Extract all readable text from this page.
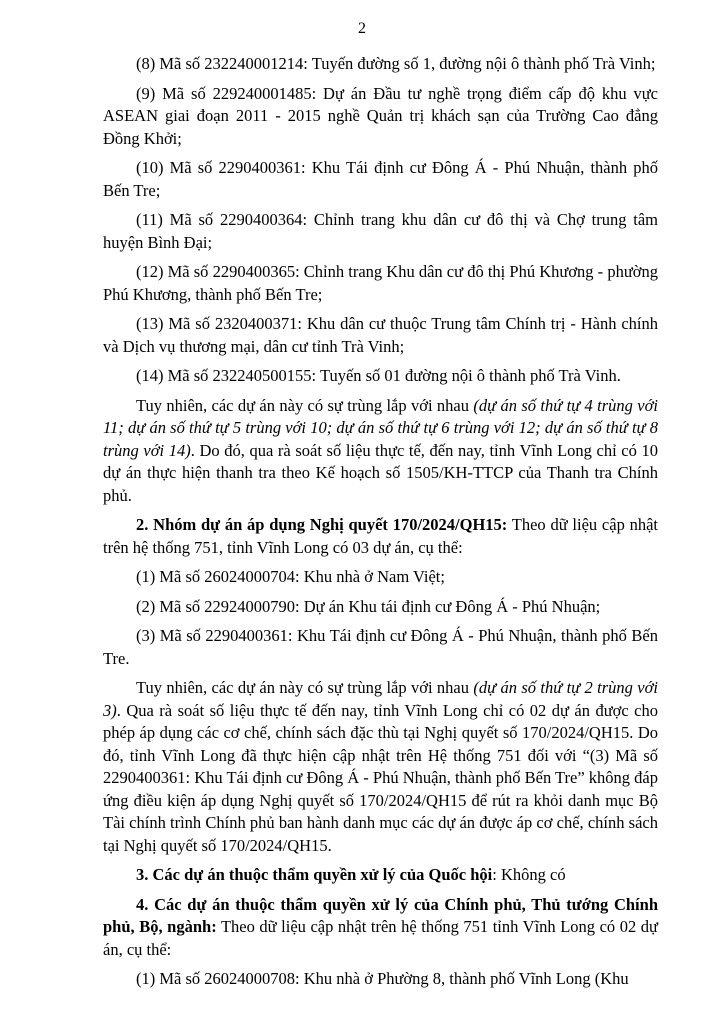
2

(8) Mã số 232240001214: Tuyến đường số 1, đường nội ô thành phố Trà Vinh;

(9) Mã số 229240001485: Dự án Đầu tư nghề trọng điểm cấp độ khu vực ASEAN giai đoạn 2011 - 2015 nghề Quản trị khách sạn của Trường Cao đẳng Đồng Khởi;

(10) Mã số 2290400361: Khu Tái định cư Đông Á - Phú Nhuận, thành phố Bến Tre;

(11) Mã số 2290400364: Chỉnh trang khu dân cư đô thị và Chợ trung tâm huyện Bình Đại;

(12) Mã số 2290400365: Chỉnh trang Khu dân cư đô thị Phú Khương - phường Phú Khương, thành phố Bến Tre;

(13) Mã số 2320400371: Khu dân cư thuộc Trung tâm Chính trị - Hành chính và Dịch vụ thương mại, dân cư tỉnh Trà Vinh;

(14) Mã số 232240500155: Tuyến số 01 đường nội ô thành phố Trà Vinh.

Tuy nhiên, các dự án này có sự trùng lắp với nhau (dự án số thứ tự 4 trùng với 11; dự án số thứ tự 5 trùng với 10; dự án số thứ tự 6 trùng với 12; dự án số thứ tự 8 trùng với 14). Do đó, qua rà soát số liệu thực tế, đến nay, tỉnh Vĩnh Long chỉ có 10 dự án thực hiện thanh tra theo Kế hoạch số 1505/KH-TTCP của Thanh tra Chính phủ.

2. Nhóm dự án áp dụng Nghị quyết 170/2024/QH15: Theo dữ liệu cập nhật trên hệ thống 751, tỉnh Vĩnh Long có 03 dự án, cụ thể:

(1) Mã số 26024000704: Khu nhà ở Nam Việt;

(2) Mã số 22924000790: Dự án Khu tái định cư Đông Á - Phú Nhuận;

(3) Mã số 2290400361: Khu Tái định cư Đông Á - Phú Nhuận, thành phố Bến Tre.

Tuy nhiên, các dự án này có sự trùng lắp với nhau (dự án số thứ tự 2 trùng với 3). Qua rà soát số liệu thực tế đến nay, tỉnh Vĩnh Long chỉ có 02 dự án được cho phép áp dụng các cơ chế, chính sách đặc thù tại Nghị quyết số 170/2024/QH15. Do đó, tỉnh Vĩnh Long đã thực hiện cập nhật trên Hệ thống 751 đối với “(3) Mã số 2290400361: Khu Tái định cư Đông Á - Phú Nhuận, thành phố Bến Tre” không đáp ứng điều kiện áp dụng Nghị quyết số 170/2024/QH15 để rút ra khỏi danh mục Bộ Tài chính trình Chính phủ ban hành danh mục các dự án được áp cơ chế, chính sách tại Nghị quyết số 170/2024/QH15.

3. Các dự án thuộc thẩm quyền xử lý của Quốc hội: Không có

4. Các dự án thuộc thẩm quyền xử lý của Chính phủ, Thủ tướng Chính phủ, Bộ, ngành: Theo dữ liệu cập nhật trên hệ thống 751 tỉnh Vĩnh Long có 02 dự án, cụ thể:

(1) Mã số 26024000708: Khu nhà ở Phường 8, thành phố Vĩnh Long (Khu
